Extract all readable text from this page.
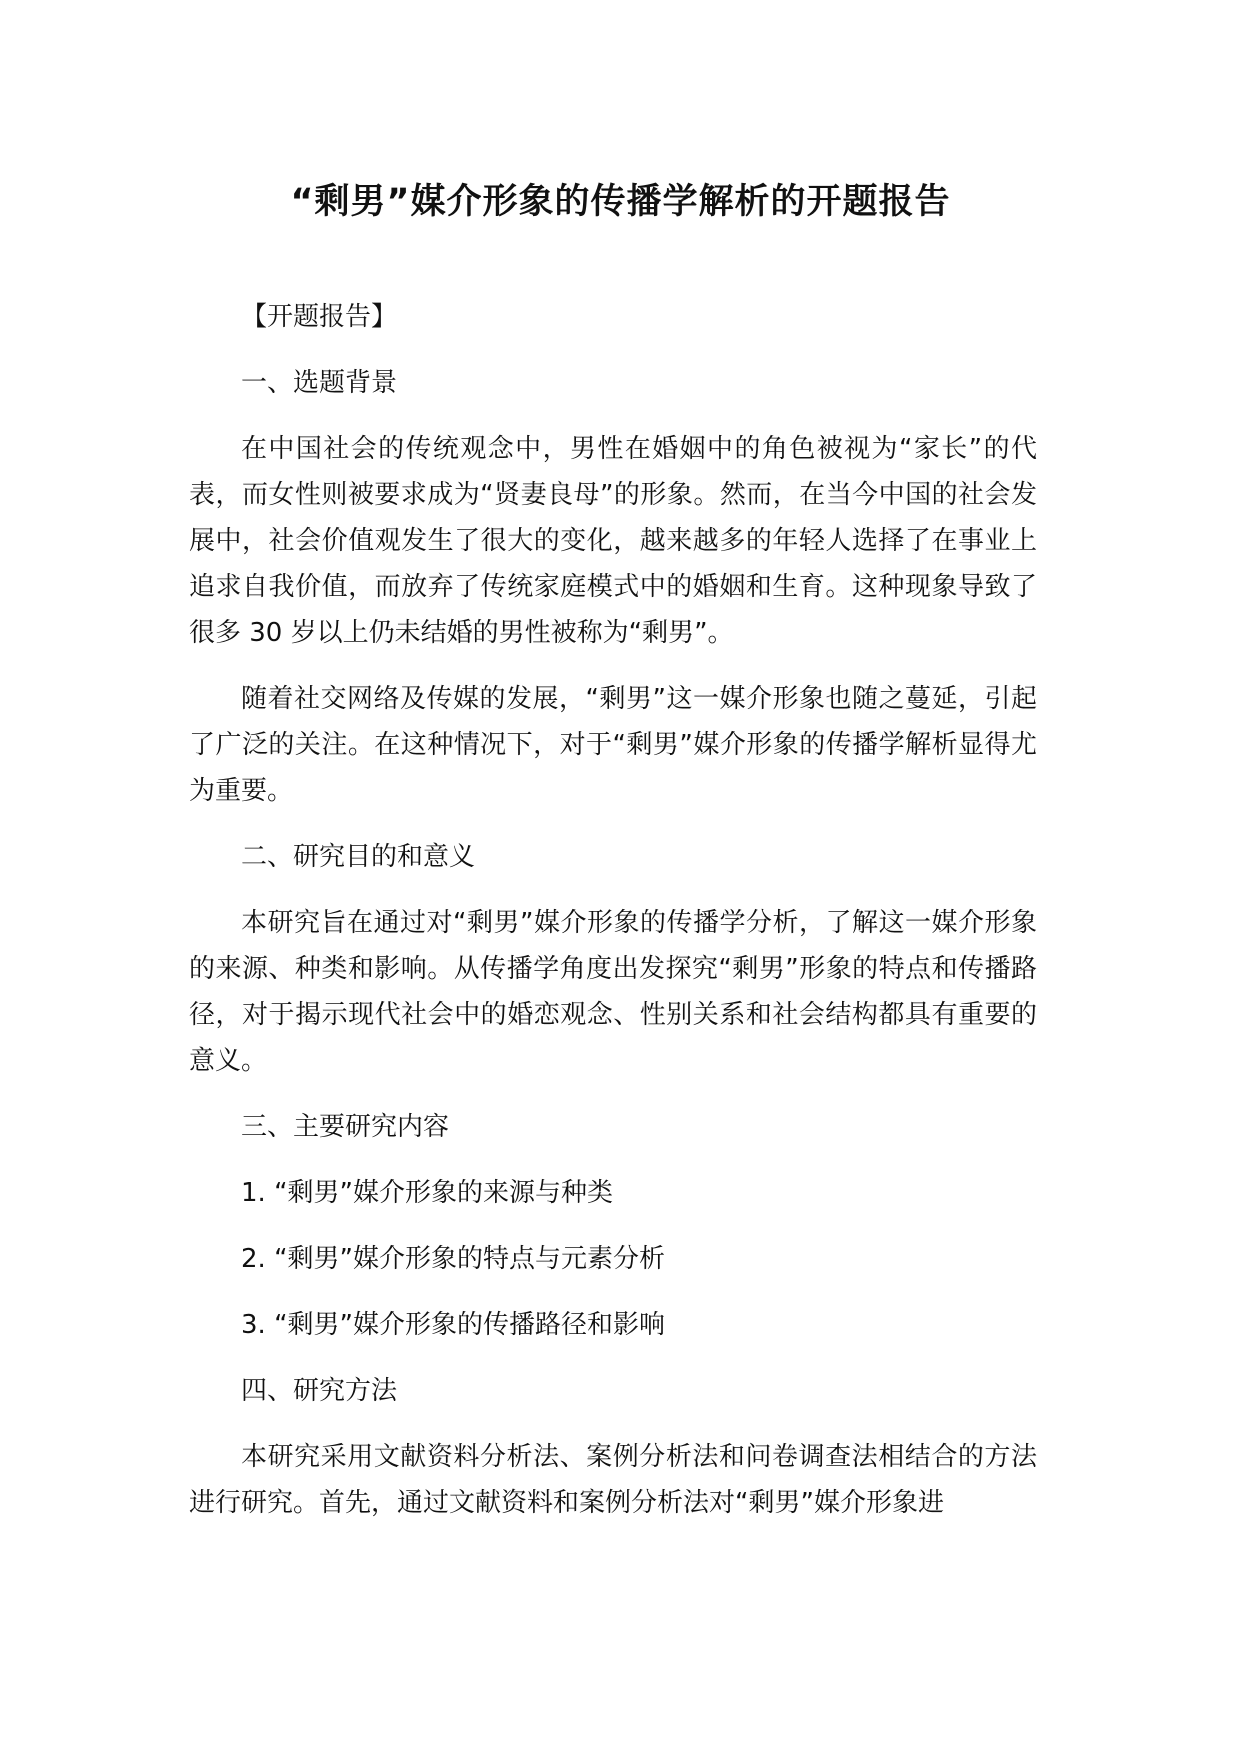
“剩男”媒介形象的传播学解析的开题报告

【开题报告】

一、选题背景

在中国社会的传统观念中，男性在婚姻中的角色被视为“家长”的代表，而女性则被要求成为“贤妻良母”的形象。然而，在当今中国的社会发展中，社会价值观发生了很大的变化，越来越多的年轻人选择了在事业上追求自我价值，而放弃了传统家庭模式中的婚姻和生育。这种现象导致了很多 30 岁以上仍未结婚的男性被称为“剩男”。

随着社交网络及传媒的发展，“剩男”这一媒介形象也随之蔓延，引起了广泛的关注。在这种情况下，对于“剩男”媒介形象的传播学解析显得尤为重要。

二、研究目的和意义

本研究旨在通过对“剩男”媒介形象的传播学分析，了解这一媒介形象的来源、种类和影响。从传播学角度出发探究“剩男”形象的特点和传播路径，对于揭示现代社会中的婚恋观念、性别关系和社会结构都具有重要的意义。

三、主要研究内容

1. “剩男”媒介形象的来源与种类

2. “剩男”媒介形象的特点与元素分析

3. “剩男”媒介形象的传播路径和影响

四、研究方法

本研究采用文献资料分析法、案例分析法和问卷调查法相结合的方法进行研究。首先，通过文献资料和案例分析法对“剩男”媒介形象进
